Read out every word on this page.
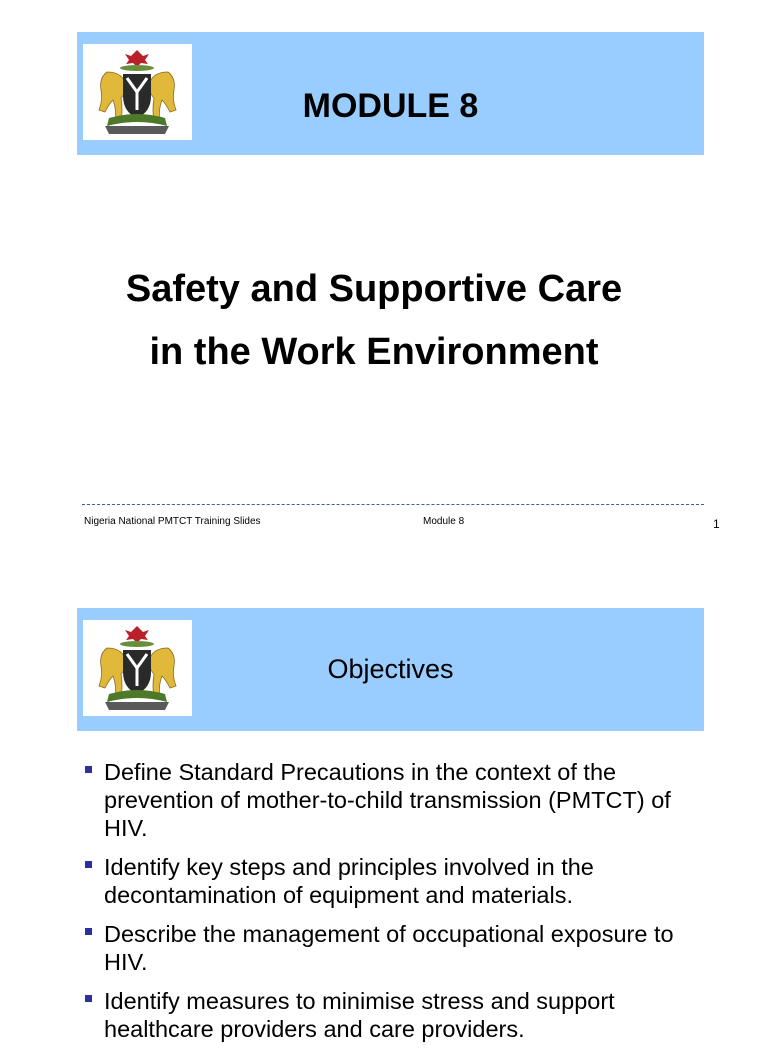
MODULE 8
Safety and Supportive Care
in the Work Environment
Nigeria National PMTCT Training Slides	Module 8	1
Objectives
Define Standard Precautions in the context of the prevention of mother-to-child transmission (PMTCT) of HIV.
Identify key steps and principles involved in the decontamination of equipment and materials.
Describe the management of occupational exposure to HIV.
Identify measures to minimise stress and support healthcare providers and care providers.
